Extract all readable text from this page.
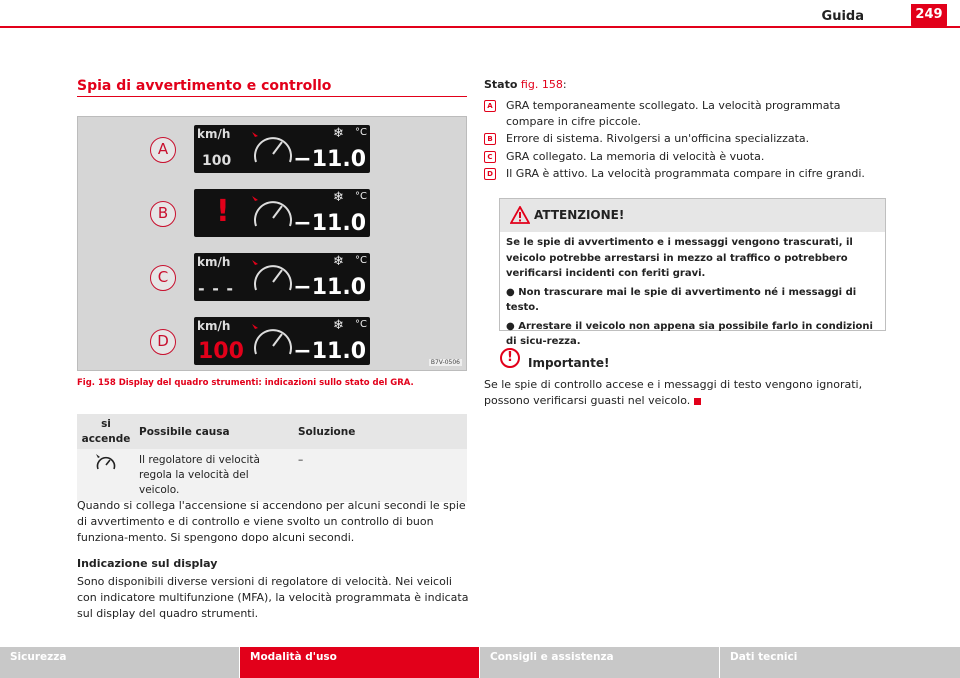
Guida	249
Spia di avvertimento e controllo
A
km/h
100
❄ °C
−11.0
B !	❄ °C
−11.0
C
km/h
- - -
❄ °C
−11.0
D
km/h
100
❄ °C
−11.0	B7V-0506
Fig. 158 Display del quadro strumenti: indicazioni sullo stato del GRA.
si accende	Possibile causa	Soluzione
	Il regolatore di velocità regola la velocità del veicolo.	–
Quando si collega l'accensione si accendono per alcuni secondi le spie di avvertimento e di controllo e viene svolto un controllo di buon funziona-mento. Si spengono dopo alcuni secondi.
Indicazione sul display
Sono disponibili diverse versioni di regolatore di velocità. Nei veicoli con indicatore multifunzione (MFA), la velocità programmata è indicata sul display del quadro strumenti.
Stato fig. 158:
A GRA temporaneamente scollegato. La velocità programmata compare in cifre piccole.
B	Errore di sistema. Rivolgersi a un'officina specializzata.
C	GRA collegato. La memoria di velocità è vuota.
D Il GRA è attivo. La velocità programmata compare in cifre grandi.
ATTENZIONE!
Se le spie di avvertimento e i messaggi vengono trascurati, il veicolo potrebbe arrestarsi in mezzo al traffico o potrebbero verificarsi incidenti con feriti gravi.
● Non trascurare mai le spie di avvertimento né i messaggi di testo.
● Arrestare il veicolo non appena sia possibile farlo in condizioni di sicu-rezza.
!	Importante!
Se le spie di controllo accese e i messaggi di testo vengono ignorati, possono verificarsi guasti nel veicolo.
Sicurezza	Modalità d'uso	Consigli e assistenza	Dati tecnici
